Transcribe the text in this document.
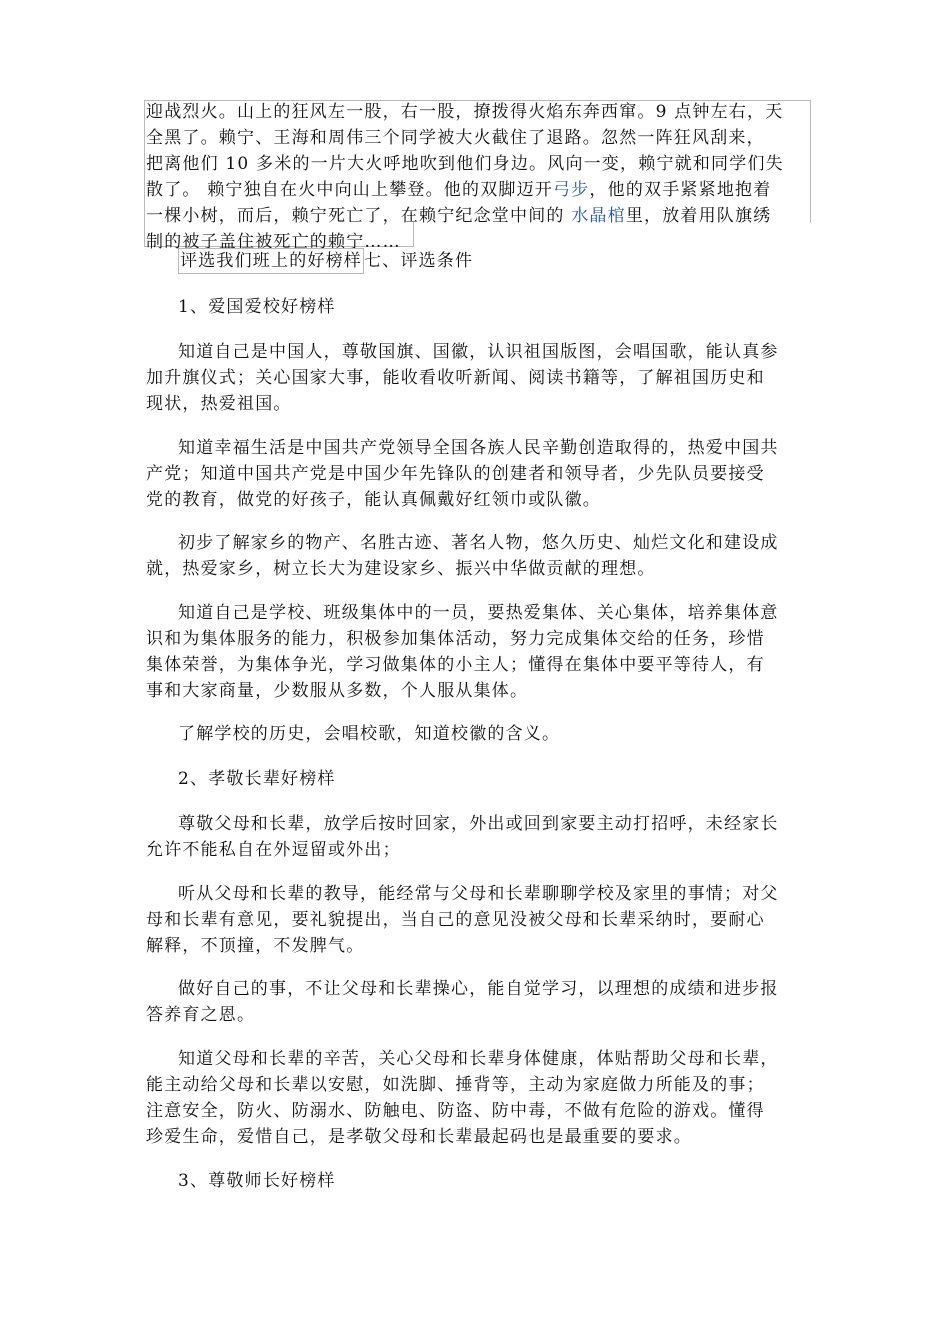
迎战烈火。山上的狂风左一股，右一股，撩拨得火焰东奔西窜。9 点钟左右，天
全黑了。赖宁、王海和周伟三个同学被大火截住了退路。忽然一阵狂风刮来，
把离他们 10 多米的一片大火呼地吹到他们身边。风向一变，赖宁就和同学们失
散了。 赖宁独自在火中向山上攀登。他的双脚迈开弓步，他的双手紧紧地抱着
一棵小树，而后，赖宁死亡了，在赖宁纪念堂中间的 水晶棺里，放着用队旗绣
制的被子盖住被死亡的赖宁……
评选我们班上的好榜样 七、评选条件
1、爱国爱校好榜样
知道自己是中国人，尊敬国旗、国徽，认识祖国版图，会唱国歌，能认真参
加升旗仪式；关心国家大事，能收看收听新闻、阅读书籍等，了解祖国历史和
现状，热爱祖国。
知道幸福生活是中国共产党领导全国各族人民辛勤创造取得的，热爱中国共
产党；知道中国共产党是中国少年先锋队的创建者和领导者，少先队员要接受
党的教育，做党的好孩子，能认真佩戴好红领巾或队徽。
初步了解家乡的物产、名胜古迹、著名人物，悠久历史、灿烂文化和建设成
就，热爱家乡，树立长大为建设家乡、振兴中华做贡献的理想。
知道自己是学校、班级集体中的一员，要热爱集体、关心集体，培养集体意
识和为集体服务的能力，积极参加集体活动，努力完成集体交给的任务，珍惜
集体荣誉，为集体争光，学习做集体的小主人；懂得在集体中要平等待人，有
事和大家商量，少数服从多数，个人服从集体。
了解学校的历史，会唱校歌，知道校徽的含义。
2、孝敬长辈好榜样
尊敬父母和长辈，放学后按时回家，外出或回到家要主动打招呼，未经家长
允许不能私自在外逗留或外出；
听从父母和长辈的教导，能经常与父母和长辈聊聊学校及家里的事情；对父
母和长辈有意见，要礼貌提出，当自己的意见没被父母和长辈采纳时，要耐心
解释，不顶撞，不发脾气。
做好自己的事，不让父母和长辈操心，能自觉学习，以理想的成绩和进步报
答养育之恩。
知道父母和长辈的辛苦，关心父母和长辈身体健康，体贴帮助父母和长辈，
能主动给父母和长辈以安慰，如洗脚、捶背等，主动为家庭做力所能及的事；
注意安全，防火、防溺水、防触电、防盗、防中毒，不做有危险的游戏。懂得
珍爱生命，爱惜自己，是孝敬父母和长辈最起码也是最重要的要求。
3、尊敬师长好榜样
